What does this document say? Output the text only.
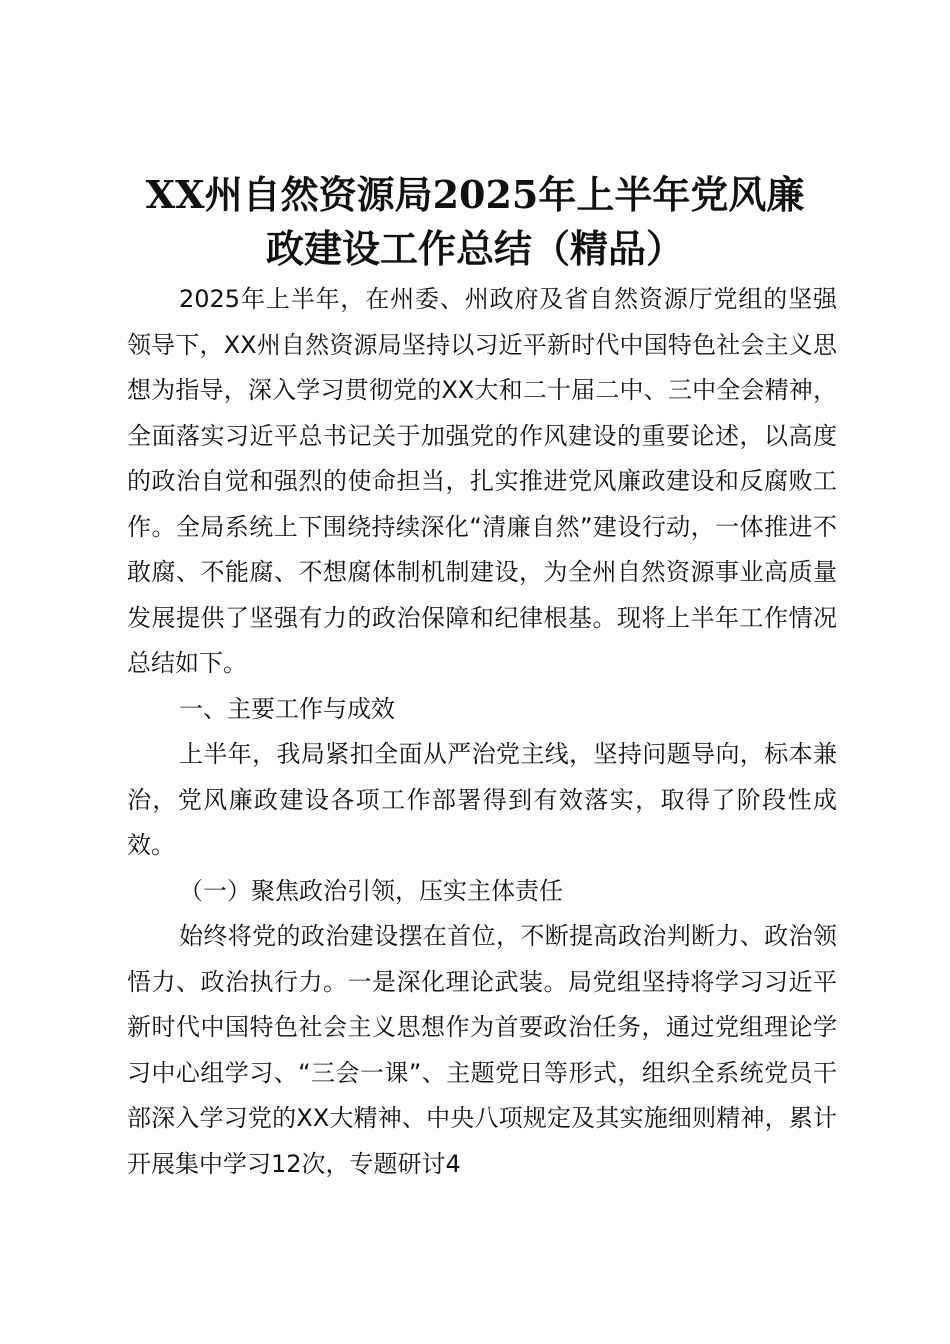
XX州自然资源局2025年上半年党风廉
政建设工作总结（精品）

2025年上半年，在州委、州政府及省自然资源厅党组的坚强领导下，XX州自然资源局坚持以习近平新时代中国特色社会主义思想为指导，深入学习贯彻党的XX大和二十届二中、三中全会精神，全面落实习近平总书记关于加强党的作风建设的重要论述，以高度的政治自觉和强烈的使命担当，扎实推进党风廉政建设和反腐败工作。全局系统上下围绕持续深化“清廉自然”建设行动，一体推进不敢腐、不能腐、不想腐体制机制建设，为全州自然资源事业高质量发展提供了坚强有力的政治保障和纪律根基。现将上半年工作情况总结如下。

一、主要工作与成效

上半年，我局紧扣全面从严治党主线，坚持问题导向，标本兼治，党风廉政建设各项工作部署得到有效落实，取得了阶段性成效。

（一）聚焦政治引领，压实主体责任

始终将党的政治建设摆在首位，不断提高政治判断力、政治领悟力、政治执行力。一是深化理论武装。局党组坚持将学习习近平新时代中国特色社会主义思想作为首要政治任务，通过党组理论学习中心组学习、“三会一课”、主题党日等形式，组织全系统党员干部深入学习党的XX大精神、中央八项规定及其实施细则精神，累计开展集中学习12次，专题研讨4
